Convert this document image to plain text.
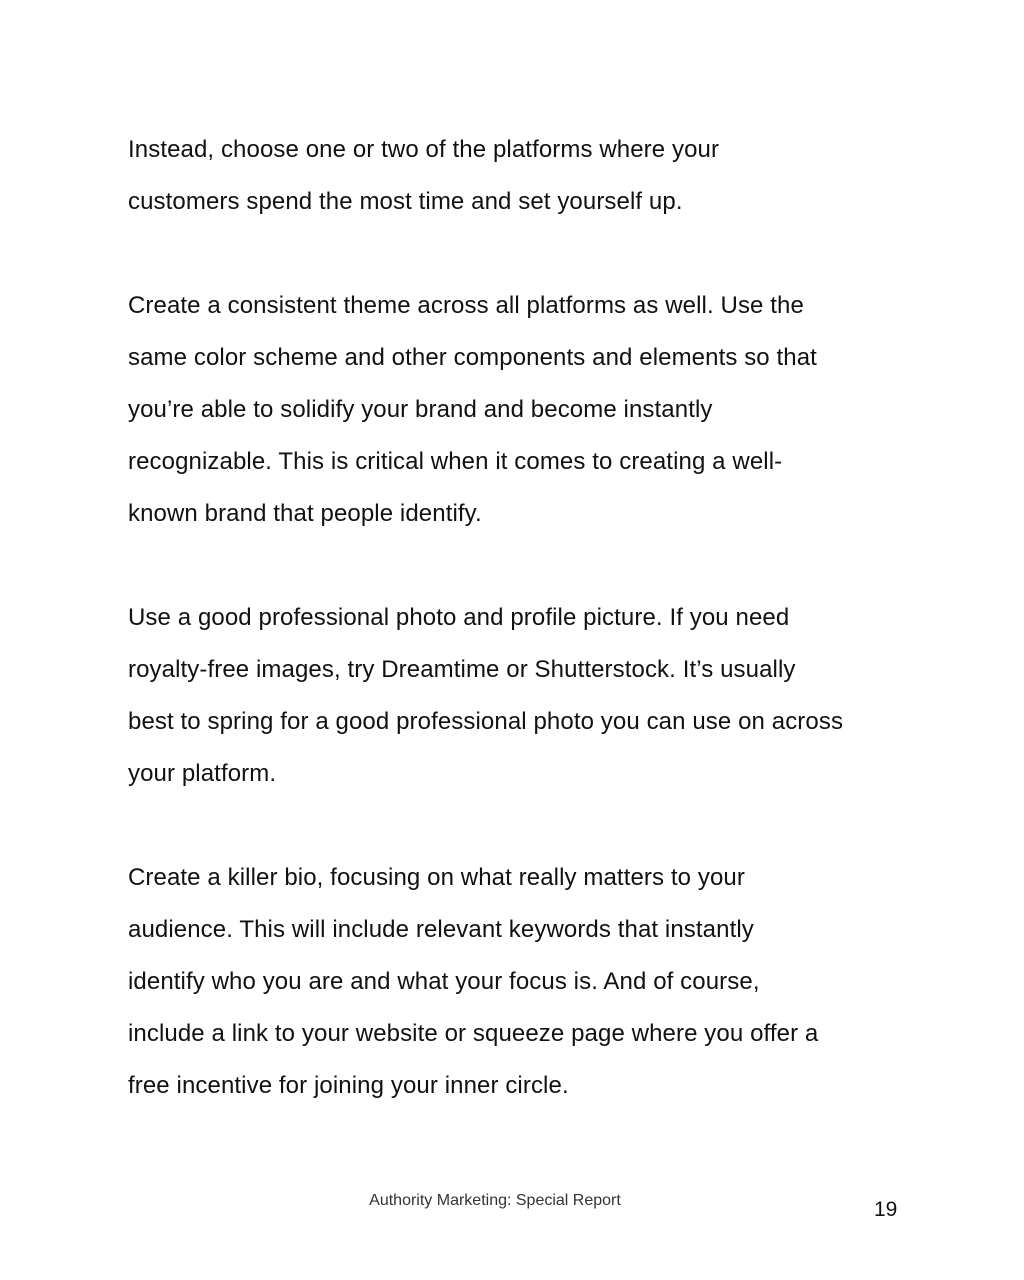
Instead, choose one or two of the platforms where your
customers spend the most time and set yourself up.

Create a consistent theme across all platforms as well. Use the
same color scheme and other components and elements so that
you’re able to solidify your brand and become instantly
recognizable. This is critical when it comes to creating a well-
known brand that people identify.

Use a good professional photo and profile picture. If you need
royalty-free images, try Dreamtime or Shutterstock. It’s usually
best to spring for a good professional photo you can use on across
your platform.

Create a killer bio, focusing on what really matters to your
audience. This will include relevant keywords that instantly
identify who you are and what your focus is. And of course,
include a link to your website or squeeze page where you offer a
free incentive for joining your inner circle.

Authority Marketing: Special Report	19
